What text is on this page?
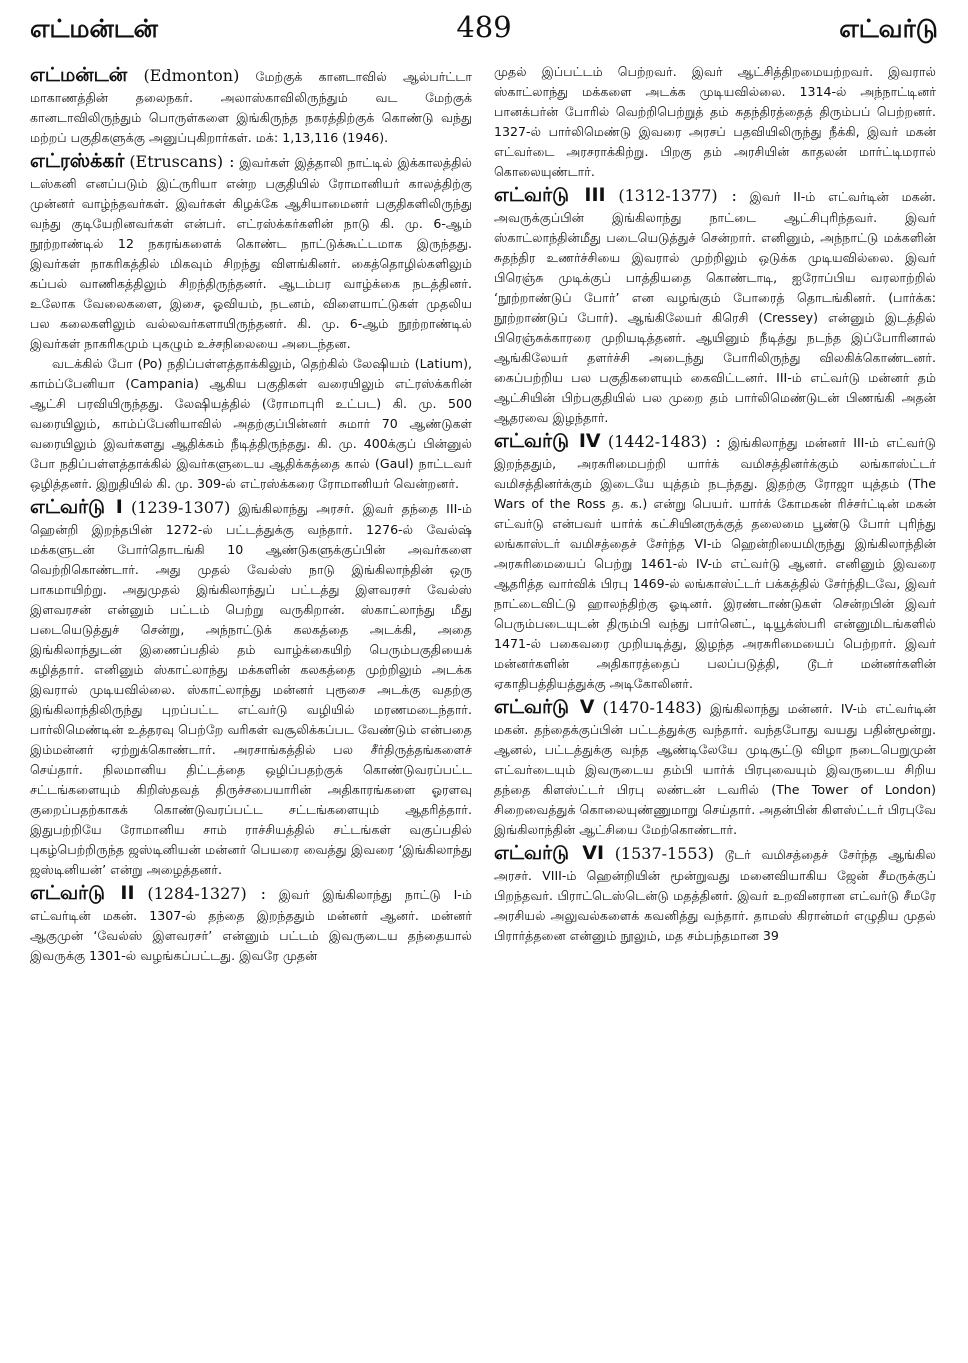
எட்மன்டன்	489	எட்வர்டு

எட்மன்டன் (Edmonton) மேற்குக் கானடாவில் ஆல்பர்ட்டா மாகாணத்தின் தலைநகர். அலாஸ்காவிலிருந்தும் வட மேற்குக் கானடாவிலிருந்தும் பொருள்களை இங்கிருந்த நகரத்திற்குக் கொண்டு வந்து மற்றப் பகுதிகளுக்கு அனுப்புகிறார்கள். மக்: 1,13,116 (1946).

எட்ரஸ்க்கர் (Etruscans) : இவர்கள் இத்தாலி நாட்டில் இக்காலத்தில் டஸ்கனி எனப்படும் இட்ருரியா என்ற பகுதியில் ரோமானியர் காலத்திற்கு முன்னர் வாழ்ந்தவர்கள். இவர்கள் கிழக்கே ஆசியாமைனர் பகுதிகளிலிருந்து வந்து குடியேறினவர்கள் என்பர். எட்ரஸ்க்கர்களின் நாடு கி. மு. 6-ஆம் நூற்றாண்டில் 12 நகரங்களைக் கொண்ட நாட்டுக்கூட்டமாக இருந்தது. இவர்கள் நாகரிகத்தில் மிகவும் சிறந்து விளங்கினர். கைத்தொழில்களிலும் கப்பல் வாணிகத்திலும் சிறந்திருந்தனர். ஆடம்பர வாழ்க்கை நடத்தினர். உலோக வேலைகளை, இசை, ஓவியம், நடனம், விளையாட்டுகள் முதலிய பல கலைகளிலும் வல்லவர்களாயிருந்தனர். கி. மு. 6-ஆம் நூற்றாண்டில் இவர்கள் நாகரிகமும் புகழும் உச்சநிலையை அடைந்தன.

வடக்கில் போ (Po) நதிப்பள்ளத்தாக்கிலும், தெற்கில் லேஷியம் (Latium), காம்ப்பேனியா (Campania) ஆகிய பகுதிகள் வரையிலும் எட்ரஸ்க்கரின் ஆட்சி பரவியிருந்தது. லேஷியத்தில் (ரோமாபுரி உட்பட) கி. மு. 500 வரையிலும், காம்ப்பேனியாவில் அதற்குப்பின்னர் சுமார் 70 ஆண்டுகள் வரையிலும் இவர்களது ஆதிக்கம் நீடித்திருந்தது. கி. மு. 400க்குப் பின்னுல் போ நதிப்பள்ளத்தாக்கில் இவர்களுடைய ஆதிக்கத்தை கால் (Gaul) நாட்டவர் ஒழித்தனர். இறுதியில் கி. மு. 309-ல் எட்ரஸ்க்கரை ரோமானியர் வென்றனர்.

எட்வர்டு I (1239-1307) இங்கிலாந்து அரசர். இவர் தந்தை III-ம் ஹென்றி இறந்தபின் 1272-ல் பட்டத்துக்கு வந்தார். 1276-ல் வேல்ஷ் மக்களுடன் போர்தொடங்கி 10 ஆண்டுகளுக்குப்பின் அவர்களை வெற்றிகொண்டார். அது முதல் வேல்ஸ் நாடு இங்கிலாந்தின் ஒரு பாகமாயிற்று. அதுமுதல் இங்கிலாந்துப் பட்டத்து இளவரசர் வேல்ஸ் இளவரசன் என்னும் பட்டம் பெற்று வருகிறான். ஸ்காட்லாந்து மீது படையெடுத்துச் சென்று, அந்நாட்டுக் கலகத்தை அடக்கி, அதை இங்கிலாந்துடன் இணைப்பதில் தம் வாழ்க்கையிற் பெரும்பகுதியைக் கழித்தார். எனினும் ஸ்காட்லாந்து மக்களின் கலகத்தை முற்றிலும் அடக்க இவரால் முடியவில்லை. ஸ்காட்லாந்து மன்னர் புரூசை அடக்கு வதற்கு இங்கிலாந்திலிருந்து புறப்பட்ட எட்வர்டு வழியில் மரணமடைந்தார். பார்லிமெண்டின் உத்தரவு பெற்றே வரிகள் வசூலிக்கப்பட வேண்டும் என்பதை இம்மன்னர் ஏற்றுக்கொண்டார். அரசாங்கத்தில் பல சீர்திருத்தங்களைச் செய்தார். நிலமானிய திட்டத்தை ஒழிப்பதற்குக் கொண்டுவரப்பட்ட சட்டங்களையும் கிறிஸ்தவத் திருச்சபையாரின் அதிகாரங்களை ஓரளவு குறைப்பதற்காகக் கொண்டுவரப்பட்ட சட்டங்களையும் ஆதரித்தார். இதுபற்றியே ரோமானிய சாம் ராச்சியத்தில் சட்டங்கள் வகுப்பதில் புகழ்பெற்றிருந்த ஜஸ்டினியன் மன்னர் பெயரை வைத்து இவரை ‘இங்கிலாந்து ஜஸ்டினியன்’ என்று அழைத்தனர்.

எட்வர்டு II (1284-1327) : இவர் இங்கிலாந்து நாட்டு I-ம் எட்வர்டின் மகன். 1307-ல் தந்தை இறந்ததும் மன்னர் ஆனர். மன்னர் ஆகுமுன் ‘வேல்ஸ் இளவரசர்’ என்னும் பட்டம் இவருடைய தந்தையால் இவருக்கு 1301-ல் வழங்கப்பட்டது. இவரே முதன்

முதல் இப்பட்டம் பெற்றவர். இவர் ஆட்சித்திறமையற்றவர். இவரால் ஸ்காட்லாந்து மக்களை அடக்க முடியவில்லை. 1314-ல் அந்நாட்டினர் பானக்பர்ன் போரில் வெற்றிபெற்றுத் தம் சுதந்திரத்தைத் திரும்பப் பெற்றனர். 1327-ல் பார்லிமெண்டு இவரை அரசப் பதவியிலிருந்து நீக்கி, இவர் மகன் எட்வர்டை அரசராக்கிற்று. பிறகு தம் அரசியின் காதலன் மார்ட்டிமரால் கொலையுண்டார்.

எட்வர்டு III (1312-1377) : இவர் II-ம் எட்வர்டின் மகன். அவருக்குப்பின் இங்கிலாந்து நாட்டை ஆட்சிபுரிந்தவர். இவர் ஸ்காட்லாந்தின்மீது படையெடுத்துச் சென்றார். எனினும், அந்நாட்டு மக்களின் சுதந்திர உணர்ச்சியை இவரால் முற்றிலும் ஒடுக்க முடியவில்லை. இவர் பிரெஞ்சு முடிக்குப் பாத்தியதை கொண்டாடி, ஐரோப்பிய வரலாற்றில் ‘நூற்றாண்டுப் போர்’ என வழங்கும் போரைத் தொடங்கினர். (பார்க்க: நூற்றாண்டுப் போர்). ஆங்கிலேயர் கிரெசி (Cressey) என்னும் இடத்தில் பிரெஞ்சுக்காரரை முறியடித்தனர். ஆயினும் நீடித்து நடந்த இப்போரினால் ஆங்கிலேயர் தளர்ச்சி அடைந்து போரிலிருந்து விலகிக்கொண்டனர். கைப்பற்றிய பல பகுதிகளையும் கைவிட்டனர். III-ம் எட்வர்டு மன்னர் தம் ஆட்சியின் பிற்பகுதியில் பல முறை தம் பார்லிமெண்டுடன் பிணங்கி அதன் ஆதரவை இழந்தார்.

எட்வர்டு IV (1442-1483) : இங்கிலாந்து மன்னர் III-ம் எட்வர்டு இறந்ததும், அரசுரிமைபற்றி யார்க் வமிசத்தினர்க்கும் லங்காஸ்ட்டர் வமிசத்தினர்க்கும் இடையே யுத்தம் நடந்தது. இதற்கு ரோஜா யுத்தம் (The Wars of the Ross த. க.) என்று பெயர். யார்க் கோமகன் ரிச்சர்ட்டின் மகன் எட்வர்டு என்பவர் யார்க் கட்சியினருக்குத் தலைமை பூண்டு போர் புரிந்து லங்காஸ்டர் வமிசத்தைச் சேர்ந்த VI-ம் ஹென்றியைமிருந்து இங்கிலாந்தின் அரசுரிமையைப் பெற்று 1461-ல் IV-ம் எட்வர்டு ஆனர். எனினும் இவரை ஆதரித்த வார்விக் பிரபு 1469-ல் லங்காஸ்ட்டர் பக்கத்தில் சேர்ந்திடவே, இவர் நாட்டைவிட்டு ஹாலந்திற்கு ஓடினர். இரண்டாண்டுகள் சென்றபின் இவர் பெரும்படையுடன் திரும்பி வந்து பார்னெட், டியூக்ஸ்பரி என்னுமிடங்களில் 1471-ல் பகைவரை முறியடித்து, இழந்த அரசுரிமையைப் பெற்றார். இவர் மன்னர்களின் அதிகாரத்தைப் பலப்படுத்தி, டூடர் மன்னர்களின் ஏகாதிபத்தியத்துக்கு அடிகோலினர்.

எட்வர்டு V (1470-1483) இங்கிலாந்து மன்னர். IV-ம் எட்வர்டின் மகன். தந்தைக்குப்பின் பட்டத்துக்கு வந்தார். வந்தபோது வயது பதின்மூன்று. ஆனல், பட்டத்துக்கு வந்த ஆண்டிலேயே முடிசூட்டு விழா நடைபெறுமுன் எட்வர்டையும் இவருடைய தம்பி யார்க் பிரபுவையும் இவருடைய சிறிய தந்தை கிளஸ்ட்டர் பிரபு லண்டன் டவரில் (The Tower of London) சிறைவைத்துக் கொலையுண்ணுமாறு செய்தார். அதன்பின் கிளஸ்ட்டர் பிரபுவே இங்கிலாந்தின் ஆட்சியை மேற்கொண்டார்.

எட்வர்டு VI (1537-1553) டூடர் வமிசத்தைச் சேர்ந்த ஆங்கில அரசர். VIII-ம் ஹென்றியின் மூன்றுவது மனைவியாகிய ஜேன் சீமருக்குப் பிறந்தவர். பிராட்டெஸ்டென்டு மதத்தினர். இவர் உறவினரான எட்வர்டு சீமரே அரசியல் அலுவல்களைக் கவனித்து வந்தார். தாமஸ் கிரான்மர் எழுதிய முதல் பிரார்த்தனை என்னும் நூலும், மத சம்பந்தமான 39
